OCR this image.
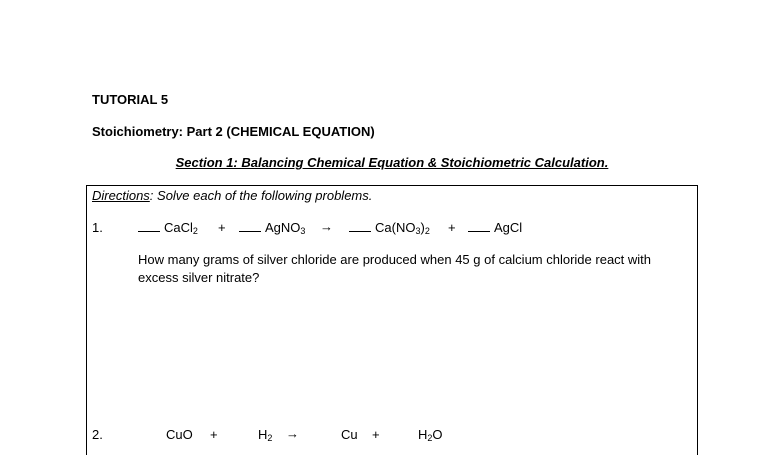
TUTORIAL 5
Stoichiometry: Part 2 (CHEMICAL EQUATION)
Section 1: Balancing Chemical Equation & Stoichiometric Calculation.
Directions: Solve each of the following problems.
1.	CaCl$_2$ +	AgNO$_3$ →	$Ca(NO_3)_2$ +	AgCl
How many grams of silver chloride are produced when 45 g of calcium chloride react with excess silver nitrate?
2.	CuO +	$H_2$ →	Cu +	$H_2O$
